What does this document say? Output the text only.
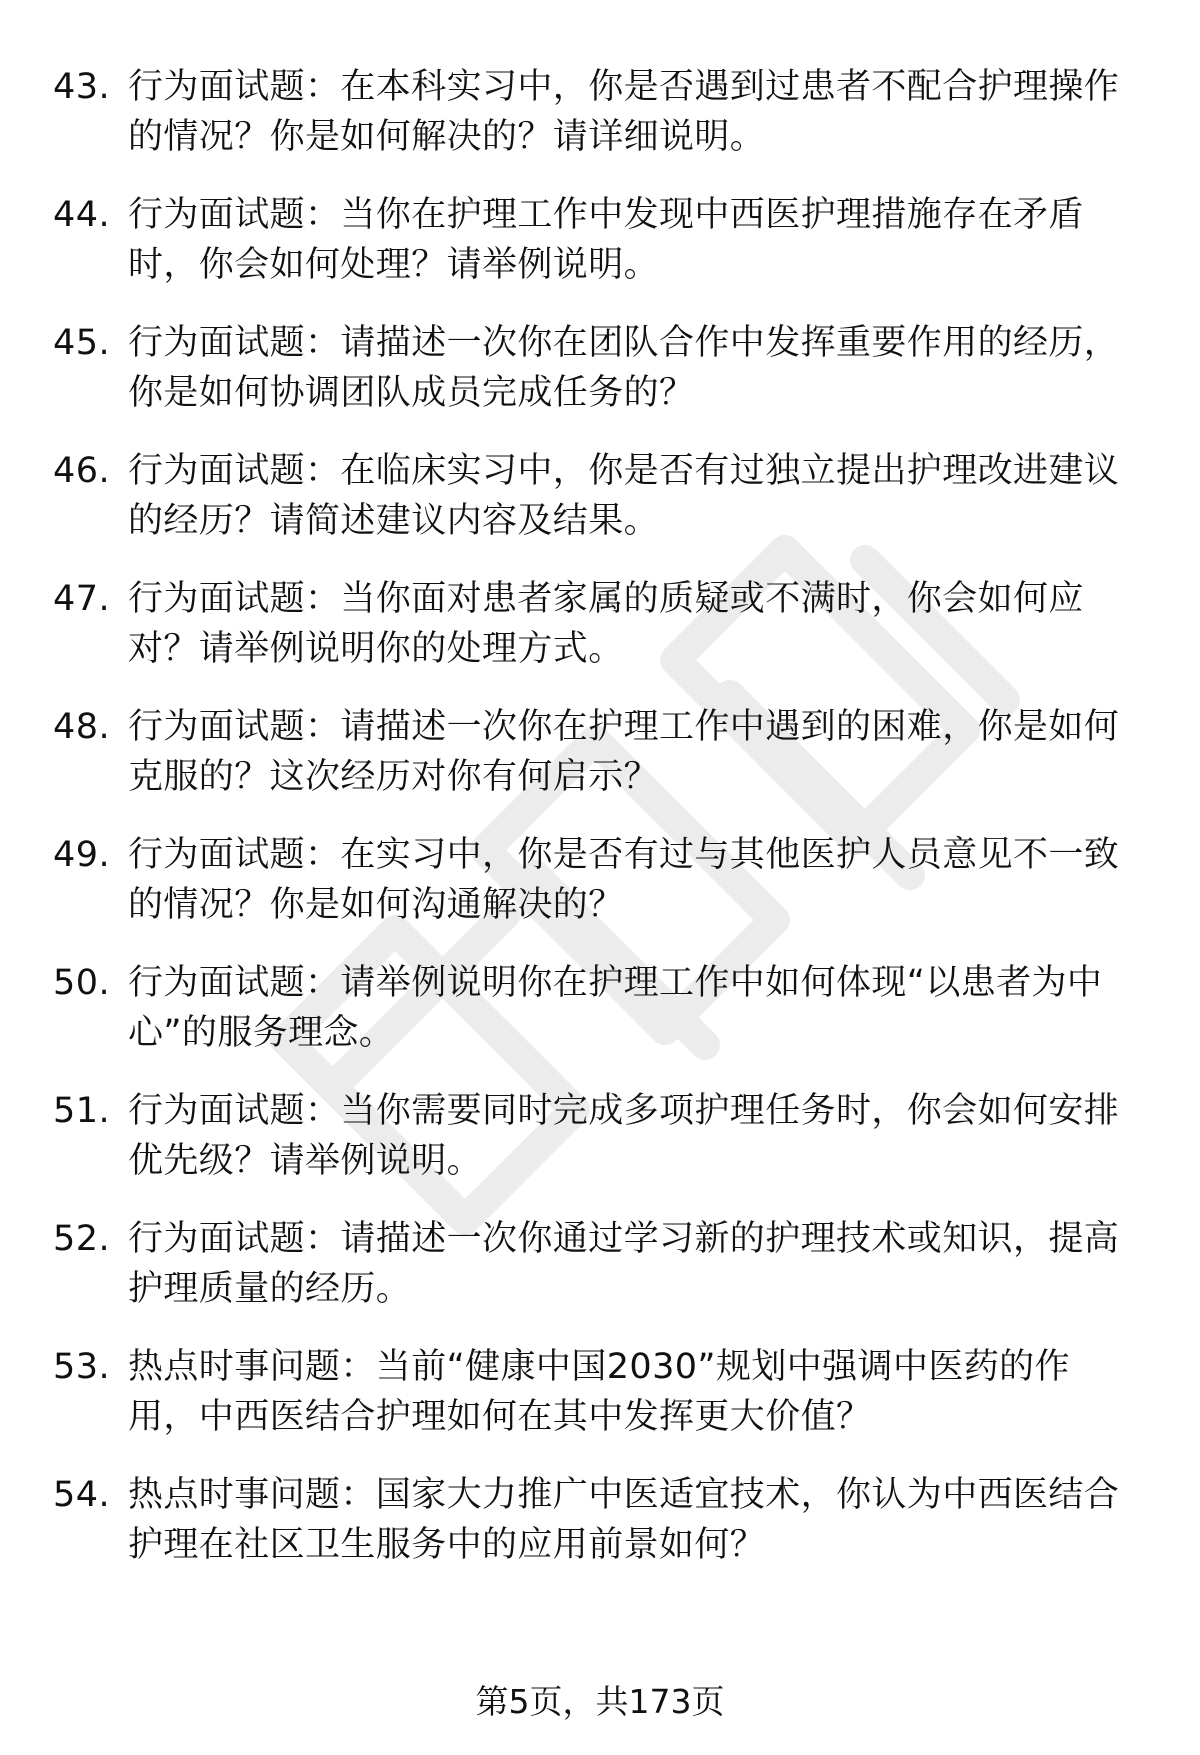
43. 行为面试题：在本科实习中，你是否遇到过患者不配合护理操作
的情况？你是如何解决的？请详细说明。
44. 行为面试题：当你在护理工作中发现中西医护理措施存在矛盾
时，你会如何处理？请举例说明。
45. 行为面试题：请描述一次你在团队合作中发挥重要作用的经历，
你是如何协调团队成员完成任务的？
46. 行为面试题：在临床实习中，你是否有过独立提出护理改进建议
的经历？请简述建议内容及结果。
47. 行为面试题：当你面对患者家属的质疑或不满时，你会如何应
对？请举例说明你的处理方式。
48. 行为面试题：请描述一次你在护理工作中遇到的困难，你是如何
克服的？这次经历对你有何启示？
49. 行为面试题：在实习中，你是否有过与其他医护人员意见不一致
的情况？你是如何沟通解决的？
50. 行为面试题：请举例说明你在护理工作中如何体现“以患者为中
心”的服务理念。
51. 行为面试题：当你需要同时完成多项护理任务时，你会如何安排
优先级？请举例说明。
52. 行为面试题：请描述一次你通过学习新的护理技术或知识，提高
护理质量的经历。
53. 热点时事问题：当前“健康中国2030”规划中强调中医药的作
用，中西医结合护理如何在其中发挥更大价值？
54. 热点时事问题：国家大力推广中医适宜技术，你认为中西医结合
护理在社区卫生服务中的应用前景如何？
第5页，共173页
